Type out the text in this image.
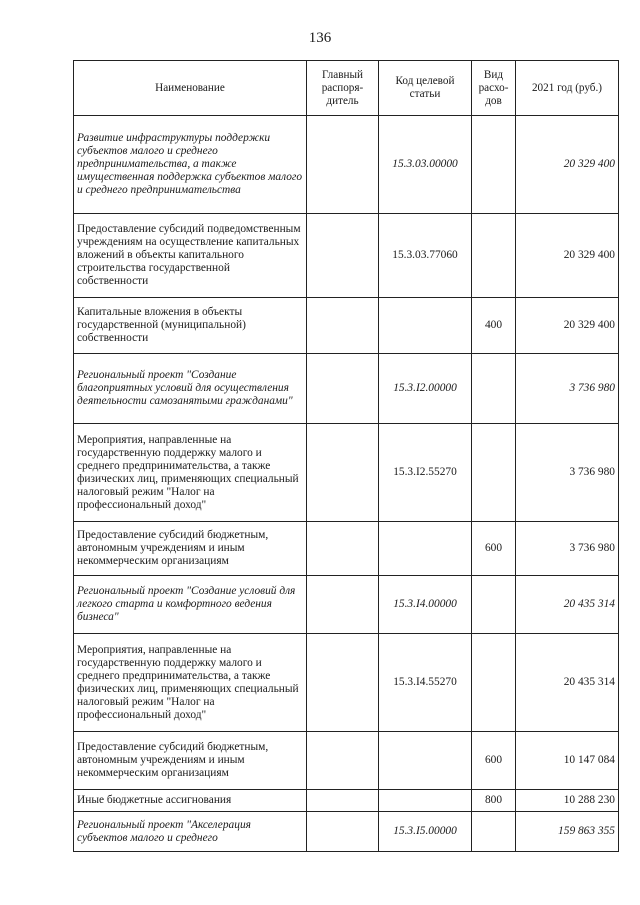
136
Наименование	Главный распоря-дитель	Код целевой статьи	Вид расхо-дов	2021 год (руб.)
Развитие инфраструктуры поддержки субъектов малого и среднего предпринимательства, а также имущественная поддержка субъектов малого и среднего предпринимательства		15.3.03.00000		20 329 400
Предоставление субсидий подведомственным учреждениям на осуществление капитальных вложений в объекты капитального строительства государственной собственности		15.3.03.77060		20 329 400
Капитальные вложения в объекты государственной (муниципальной) собственности			400	20 329 400
Региональный проект "Создание благоприятных условий для осуществления деятельности самозанятыми гражданами"		15.3.I2.00000		3 736 980
Мероприятия, направленные на государственную поддержку малого и среднего предпринимательства, а также физических лиц, применяющих специальный налоговый режим "Налог на профессиональный доход"		15.3.I2.55270		3 736 980
Предоставление субсидий бюджетным, автономным учреждениям и иным некоммерческим организациям			600	3 736 980
Региональный проект "Создание условий для легкого старта и комфортного ведения бизнеса"		15.3.I4.00000		20 435 314
Мероприятия, направленные на государственную поддержку малого и среднего предпринимательства, а также физических лиц, применяющих специальный налоговый режим "Налог на профессиональный доход"		15.3.I4.55270		20 435 314
Предоставление субсидий бюджетным, автономным учреждениям и иным некоммерческим организациям			600	10 147 084
Иные бюджетные ассигнования			800	10 288 230
Региональный проект "Акселерация субъектов малого и среднего		15.3.I5.00000		159 863 355
